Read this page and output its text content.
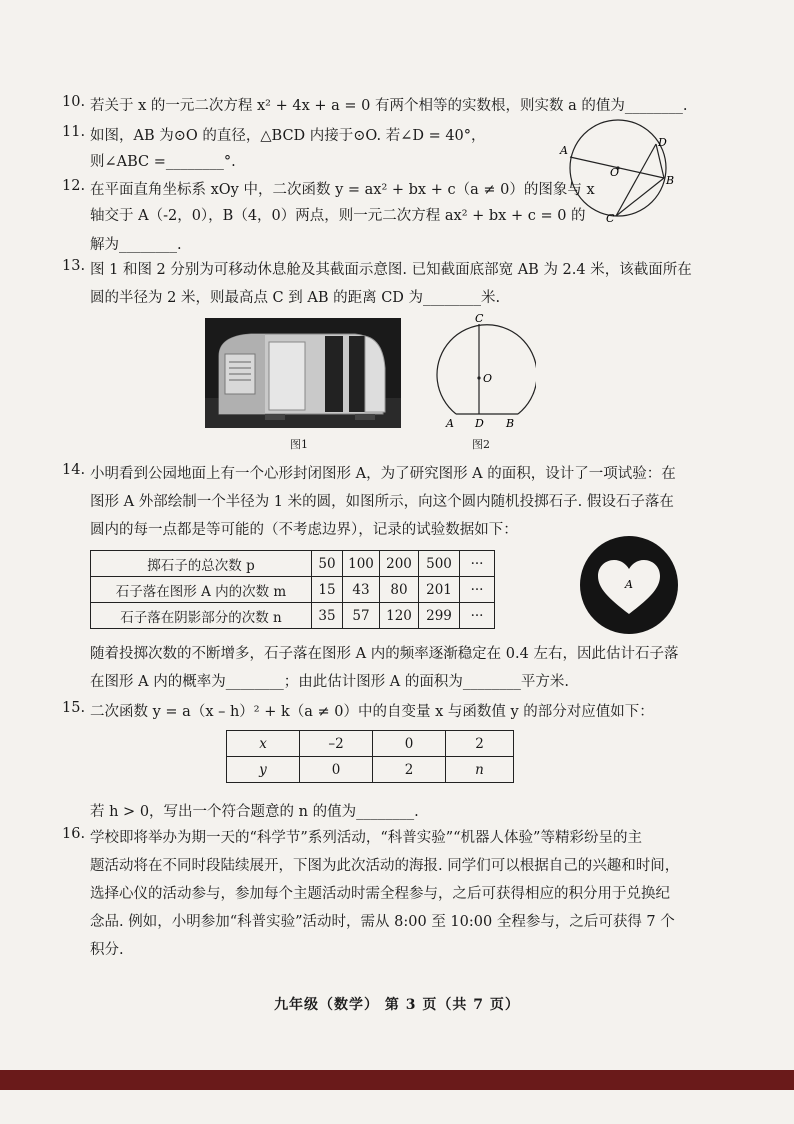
10. 若关于 x 的一元二次方程 x² + 4x + a = 0 有两个相等的实数根，则实数 a 的值为________.
11. 如图，AB 为⊙O 的直径，△BCD 内接于⊙O. 若∠D = 40°，
则∠ABC =________°.
12. 在平面直角坐标系 xOy 中，二次函数 y = ax² + bx + c（a ≠ 0）的图象与 x
轴交于 A（-2，0），B（4，0）两点，则一元二次方程 ax² + bx + c = 0 的
解为________.
A
D
O
B
C
13. 图 1 和图 2 分别为可移动休息舱及其截面示意图. 已知截面底部宽 AB 为 2.4 米，该截面所在
圆的半径为 2 米，则最高点 C 到 AB 的距离 CD 为________米.
图1
C
O
A D B
图2
14. 小明看到公园地面上有一个心形封闭图形 A，为了研究图形 A 的面积，设计了一项试验：在
图形 A 外部绘制一个半径为 1 米的圆，如图所示，向这个圆内随机投掷石子. 假设石子落在
圆内的每一点都是等可能的（不考虑边界），记录的试验数据如下：
掷石子的总次数 p	50	100	200	500	···
石子落在图形 A 内的次数 m	15	43	80	201	···
石子落在阴影部分的次数 n	35	57	120	299	···
A
随着投掷次数的不断增多，石子落在图形 A 内的频率逐渐稳定在 0.4 左右，因此估计石子落
在图形 A 内的概率为________；由此估计图形 A 的面积为________平方米.
15. 二次函数 y = a（x – h）² + k（a ≠ 0）中的自变量 x 与函数值 y 的部分对应值如下：
x	–2	0	2
y	0	2	n
若 h > 0，写出一个符合题意的 n 的值为________.
16. 学校即将举办为期一天的“科学节”系列活动，“科普实验”“机器人体验”等精彩纷呈的主
题活动将在不同时段陆续展开，下图为此次活动的海报. 同学们可以根据自己的兴趣和时间，
选择心仪的活动参与，参加每个主题活动时需全程参与，之后可获得相应的积分用于兑换纪
念品. 例如，小明参加“科普实验”活动时，需从 8:00 至 10:00 全程参与，之后可获得 7 个
积分.
九年级（数学） 第 3 页（共 7 页）
